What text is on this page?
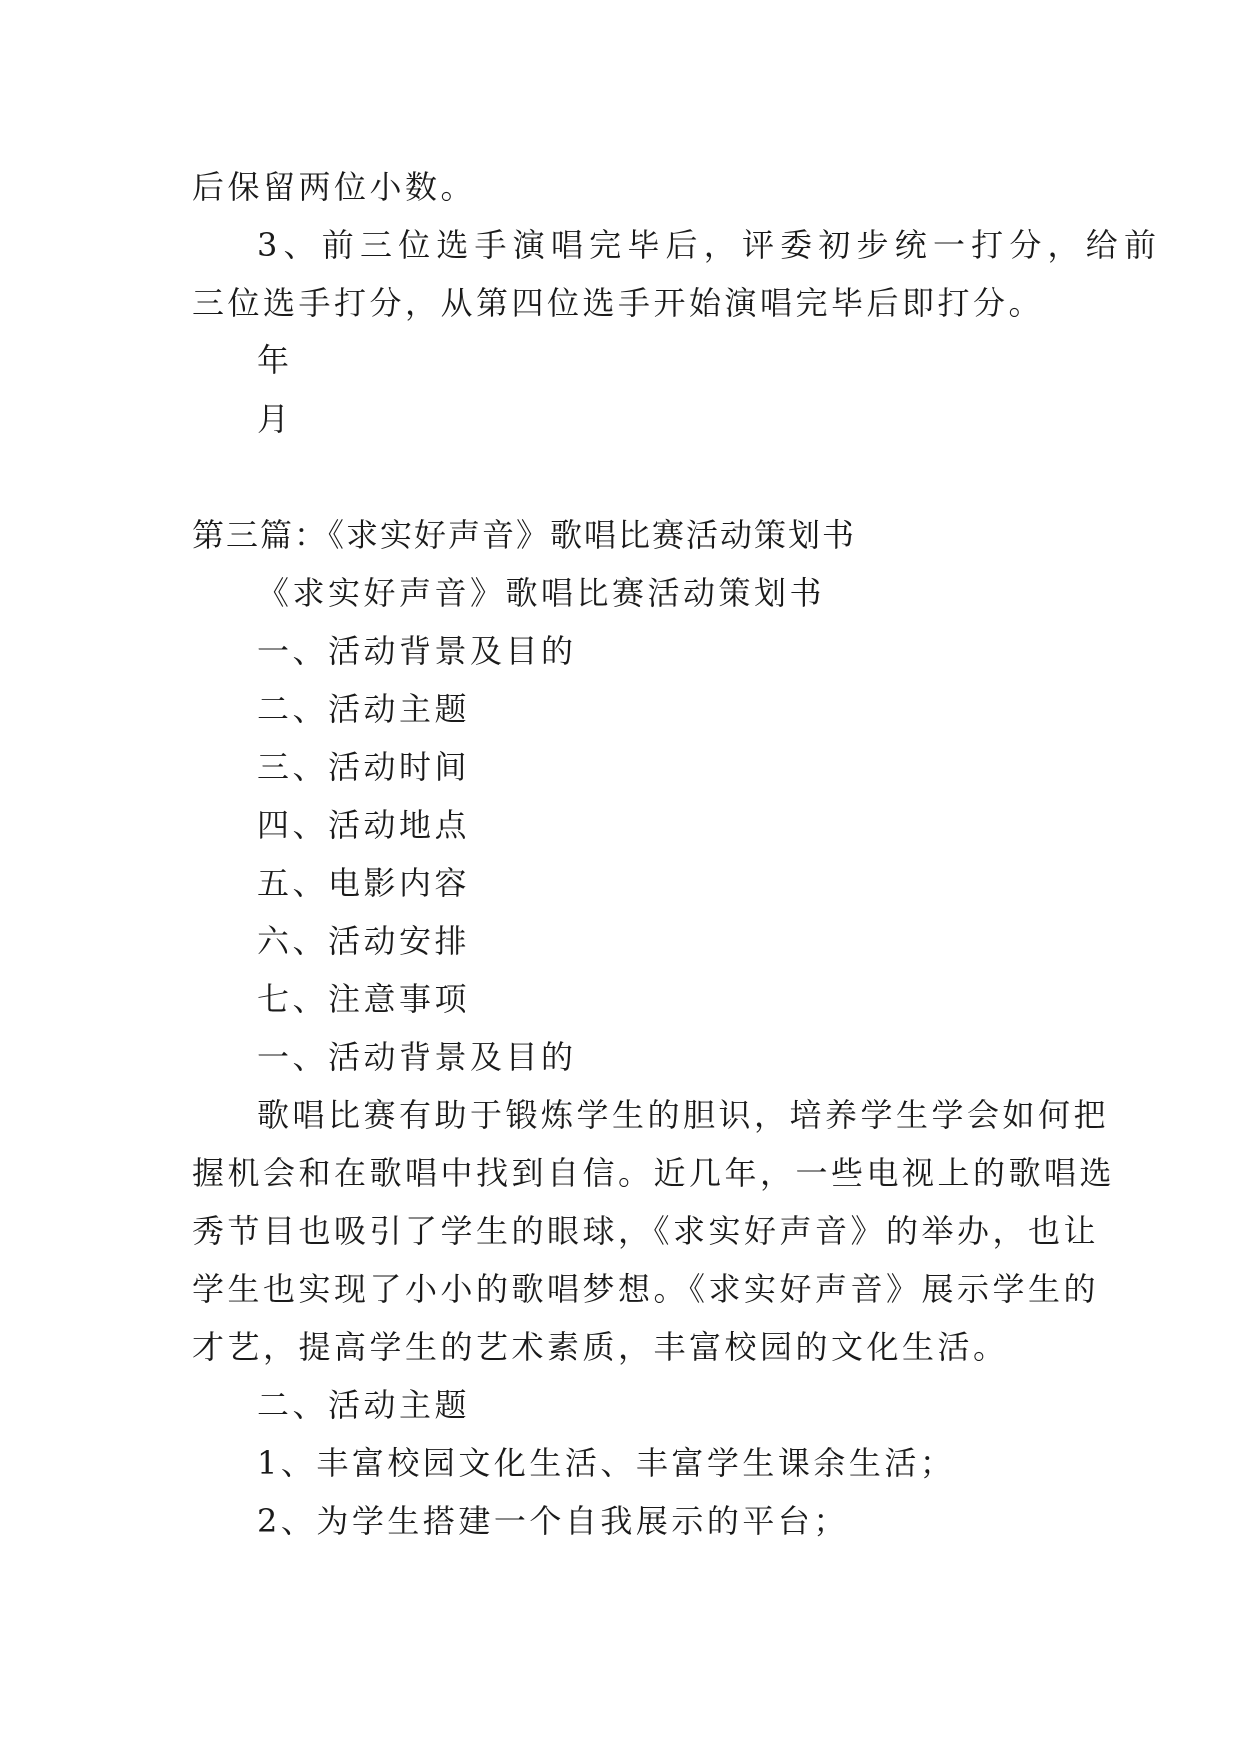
后保留两位小数。
3、前三位选手演唱完毕后，评委初步统一打分，给前
三位选手打分，从第四位选手开始演唱完毕后即打分。
年
月
第三篇：《求实好声音》歌唱比赛活动策划书
《求实好声音》歌唱比赛活动策划书
一、活动背景及目的
二、活动主题
三、活动时间
四、活动地点
五、电影内容
六、活动安排
七、注意事项
一、活动背景及目的
歌唱比赛有助于锻炼学生的胆识，培养学生学会如何把
握机会和在歌唱中找到自信。近几年，一些电视上的歌唱选
秀节目也吸引了学生的眼球，《求实好声音》的举办，也让
学生也实现了小小的歌唱梦想。《求实好声音》展示学生的
才艺，提高学生的艺术素质，丰富校园的文化生活。
二、活动主题
1、丰富校园文化生活、丰富学生课余生活；
2、为学生搭建一个自我展示的平台；
